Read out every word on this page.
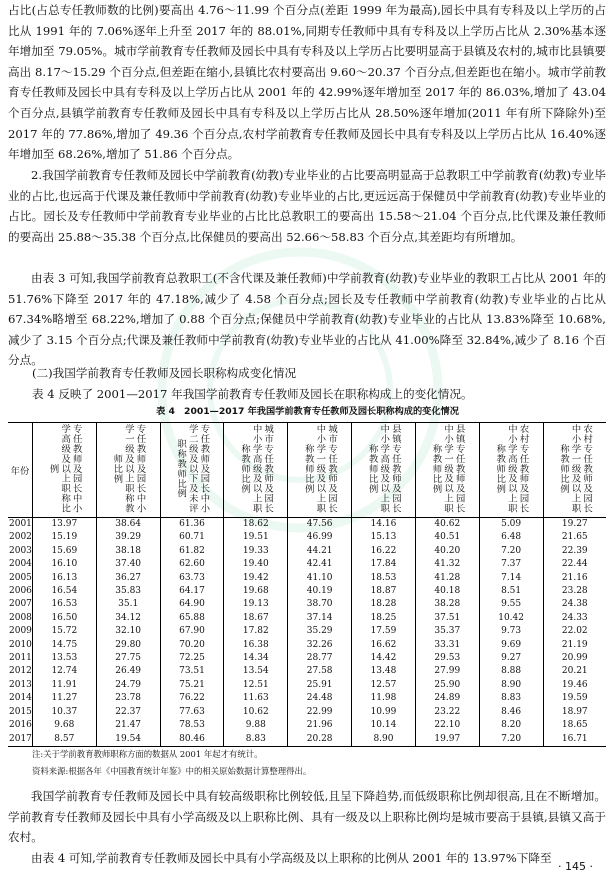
占比(占总专任教师数的比例)要高出 4.76～11.99 个百分点(差距 1999 年为最高),园长中具有专科及以上学历的占比从 1991 年的 7.06%逐年上升至 2017 年的 88.01%,同期专任教师中具有专科及以上学历占比从 2.30%基本逐年增加至 79.05%。城市学前教育专任教师及园长中具有专科及以上学历占比要明显高于县镇及农村的,城市比县镇要高出 8.17～15.29 个百分点,但差距在缩小,县镇比农村要高出 9.60～20.37 个百分点,但差距也在缩小。城市学前教育专任教师及园长中具有专科及以上学历占比从 2001 年的 42.99%逐年增加至 2017 年的 86.03%,增加了 43.04 个百分点,县镇学前教育专任教师及园长中具有专科及以上学历占比从 28.50%逐年增加(2011 年有所下降除外)至 2017 年的 77.86%,增加了 49.36 个百分点,农村学前教育专任教师及园长中具有专科及以上学历占比从 16.40%逐年增加至 68.26%,增加了 51.86 个百分点。

2.我国学前教育专任教师及园长中学前教育(幼教)专业毕业的占比要高明显高于总教职工中学前教育(幼教)专业毕业的占比,也远高于代课及兼任教师中学前教育(幼教)专业毕业的占比,更远远高于保健员中学前教育(幼教)专业毕业的占比。园长及专任教师中学前教育专业毕业的占比比总教职工的要高出 15.58～21.04 个百分点,比代课及兼任教师的要高出 25.88～35.38 个百分点,比保健员的要高出 52.66～58.83 个百分点,其差距均有所增加。

由表 3 可知,我国学前教育总教职工(不含代课及兼任教师)中学前教育(幼教)专业毕业的教职工占比从 2001 年的 51.76%下降至 2017 年的 47.18%,减少了 4.58 个百分点;园长及专任教师中学前教育(幼教)专业毕业的占比从 67.34%略增至 68.22%,增加了 0.88 个百分点;保健员中学前教育(幼教)专业毕业的占比从 13.83%降至 10.68%,减少了 3.15 个百分点;代课及兼任教师中学前教育(幼教)专业毕业的占比从 41.00%降至 32.84%,减少了 8.16 个百分点。

(二)我国学前教育专任教师及园长职称构成变化情况

表 4 反映了 2001—2017 年我国学前教育专任教师及园长在职称构成上的变化情况。

表 4　2001—2017 年我国学前教育专任教师及园长职称构成的变化情况
年份	专任教师及园长中小学高级及以上职称比例	专任教师及园长中小学一级及以上职称教师比例	专任教师及园长中小学二级及以下及未评职称教师比例	城市专任教师及园长中小学高级及以上职称教师比例	城市专任教师及园长中小学一级及以上职称教师比例	县镇专任教师及园长中小学高级及以上职称教师比例	县镇专任教师及园长中小学一级及以上职称教师比例	农村专任教师及园长中小学高级及以上职称教师比例	农村专任教师及园长中小学一级及以上职称教师比例
2001	13.97	38.64	61.36	18.62	47.56	14.16	40.62	5.09	19.27
2002	15.19	39.29	60.71	19.51	46.99	15.13	40.51	6.48	21.65
2003	15.69	38.18	61.82	19.33	44.21	16.22	40.20	7.20	22.39
2004	16.10	37.40	62.60	19.40	42.41	17.84	41.32	7.37	22.44
2005	16.13	36.27	63.73	19.42	41.10	18.53	41.28	7.14	21.16
2006	16.54	35.83	64.17	19.68	40.19	18.87	40.18	8.51	23.28
2007	16.53	35.1	64.90	19.13	38.70	18.28	38.28	9.55	24.38
2008	16.50	34.12	65.88	18.67	37.14	18.25	37.51	10.42	24.33
2009	15.72	32.10	67.90	17.82	35.29	17.59	35.37	9.73	22.02
2010	14.75	29.80	70.20	16.38	32.26	16.62	33.31	9.69	21.19
2011	13.53	27.75	72.25	14.34	28.77	14.42	29.53	9.27	20.99
2012	12.74	26.49	73.51	13.54	27.58	13.48	27.99	8.88	20.21
2013	11.91	24.79	75.21	12.51	25.91	12.57	25.90	8.90	19.46
2014	11.27	23.78	76.22	11.63	24.48	11.98	24.89	8.83	19.59
2015	10.37	22.37	77.63	10.62	22.99	10.99	23.22	8.46	18.97
2016	9.68	21.47	78.53	9.88	21.96	10.14	22.10	8.20	18.65
2017	8.57	19.54	80.46	8.83	20.28	8.90	19.97	7.20	16.71

注:关于学前教育教师职称方面的数据从 2001 年起才有统计。

资料来源:根据各年《中国教育统计年鉴》中的相关原始数据计算整理得出。

我国学前教育专任教师及园长中具有较高级职称比例较低,且呈下降趋势,而低级职称比例却很高,且在不断增加。学前教育专任教师及园长中具有小学高级及以上职称比例、具有一级及以上职称比例均是城市要高于县镇,县镇又高于农村。

由表 4 可知,学前教育专任教师及园长中具有小学高级及以上职称的比例从 2001 年的 13.97%下降至

· 145 ·
